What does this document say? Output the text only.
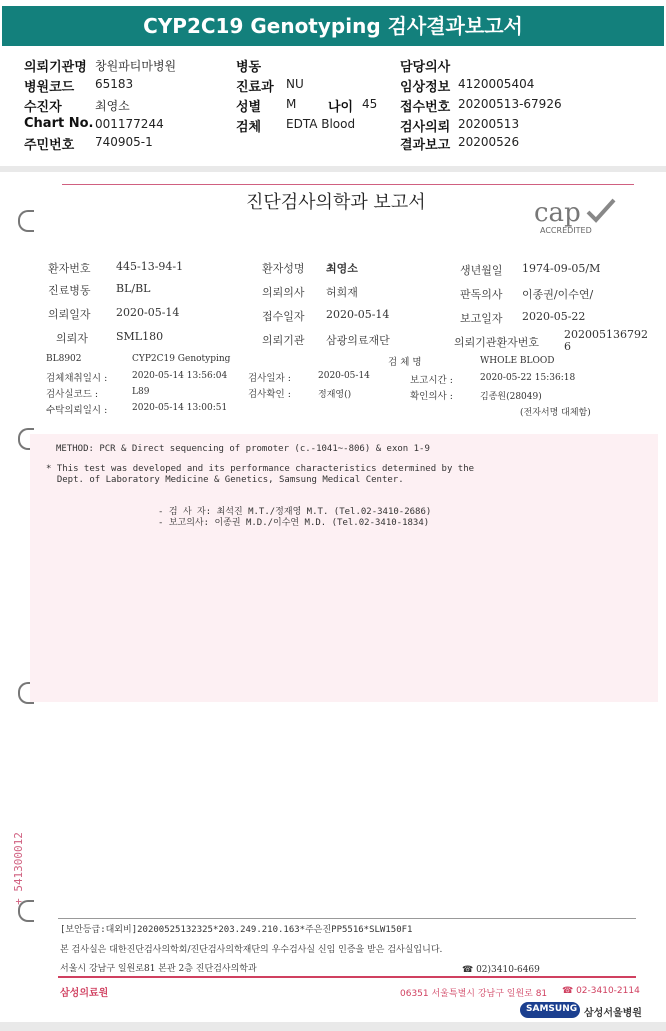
CYP2C19 Genotyping 검사결과보고서
의뢰기관명 창원파티마병원
병원코드 65183
수진자	최영소
Chart No. 001177244
주민번호 740905-1
병동
진료과 NU
성별 M 나이 45
검체 EDTA Blood
담당의사
임상정보 4120005404
접수번호 20200513-67926
검사의뢰 20200513
결과보고 20200526
진단검사의학과 보고서	cap
ACCREDITED
환자번호 445-13-94-1	환자성명 최영소	생년월일 1974-09-05/M
진료병동 BL/BL	의뢰의사 허희재	판독의사 이종권/이수연/
의뢰일자 2020-05-14	접수일자 2020-05-14	보고일자 2020-05-22
의뢰자	SML180	의뢰기관 삼광의료재단	의뢰기관환자번호
202005136792
6
BL8902	CYP2C19 Genotyping	검 체 명	WHOLE BLOOD
검체채취일시 :	2020-05-14 13:56:04 검사일자 :	2020-05-14	보고시간 :	2020-05-22 15:36:18
검사실코드 :	L89	검사확인 :	정재영()	확인의사 :	김종원(28049)
수탁의뢰일시 :	2020-05-14 13:00:51	(전자서명 대체함)
METHOD: PCR & Direct sequencing of promoter (c.-1041~-806) & exon 1-9
* This test was developed and its performance characteristics determined by the
Dept. of Laboratory Medicine & Genetics, Samsung Medical Center.
- 검 사 자: 최석진 M.T./정재영 M.T. (Tel.02-3410-2686)
- 보고의사: 이종권 M.D./이수연 M.D. (Tel.02-3410-1834)
+ 541300012
[보안등급:대외비]20200525132325*203.249.210.163*주은진PP5516*SLW150F1
본 검사실은 대한진단검사의학회/진단검사의학재단의 우수검사실 신임 인증을 받은 검사실입니다.
서울시 강남구 일원로81 본관 2층 진단검사의학과	☎ 02)3410-6469
삼성의료원	06351 서울특별시 강남구 일원로 81 ☎ 02-3410-2114
SAMSUNG 삼성서울병원
